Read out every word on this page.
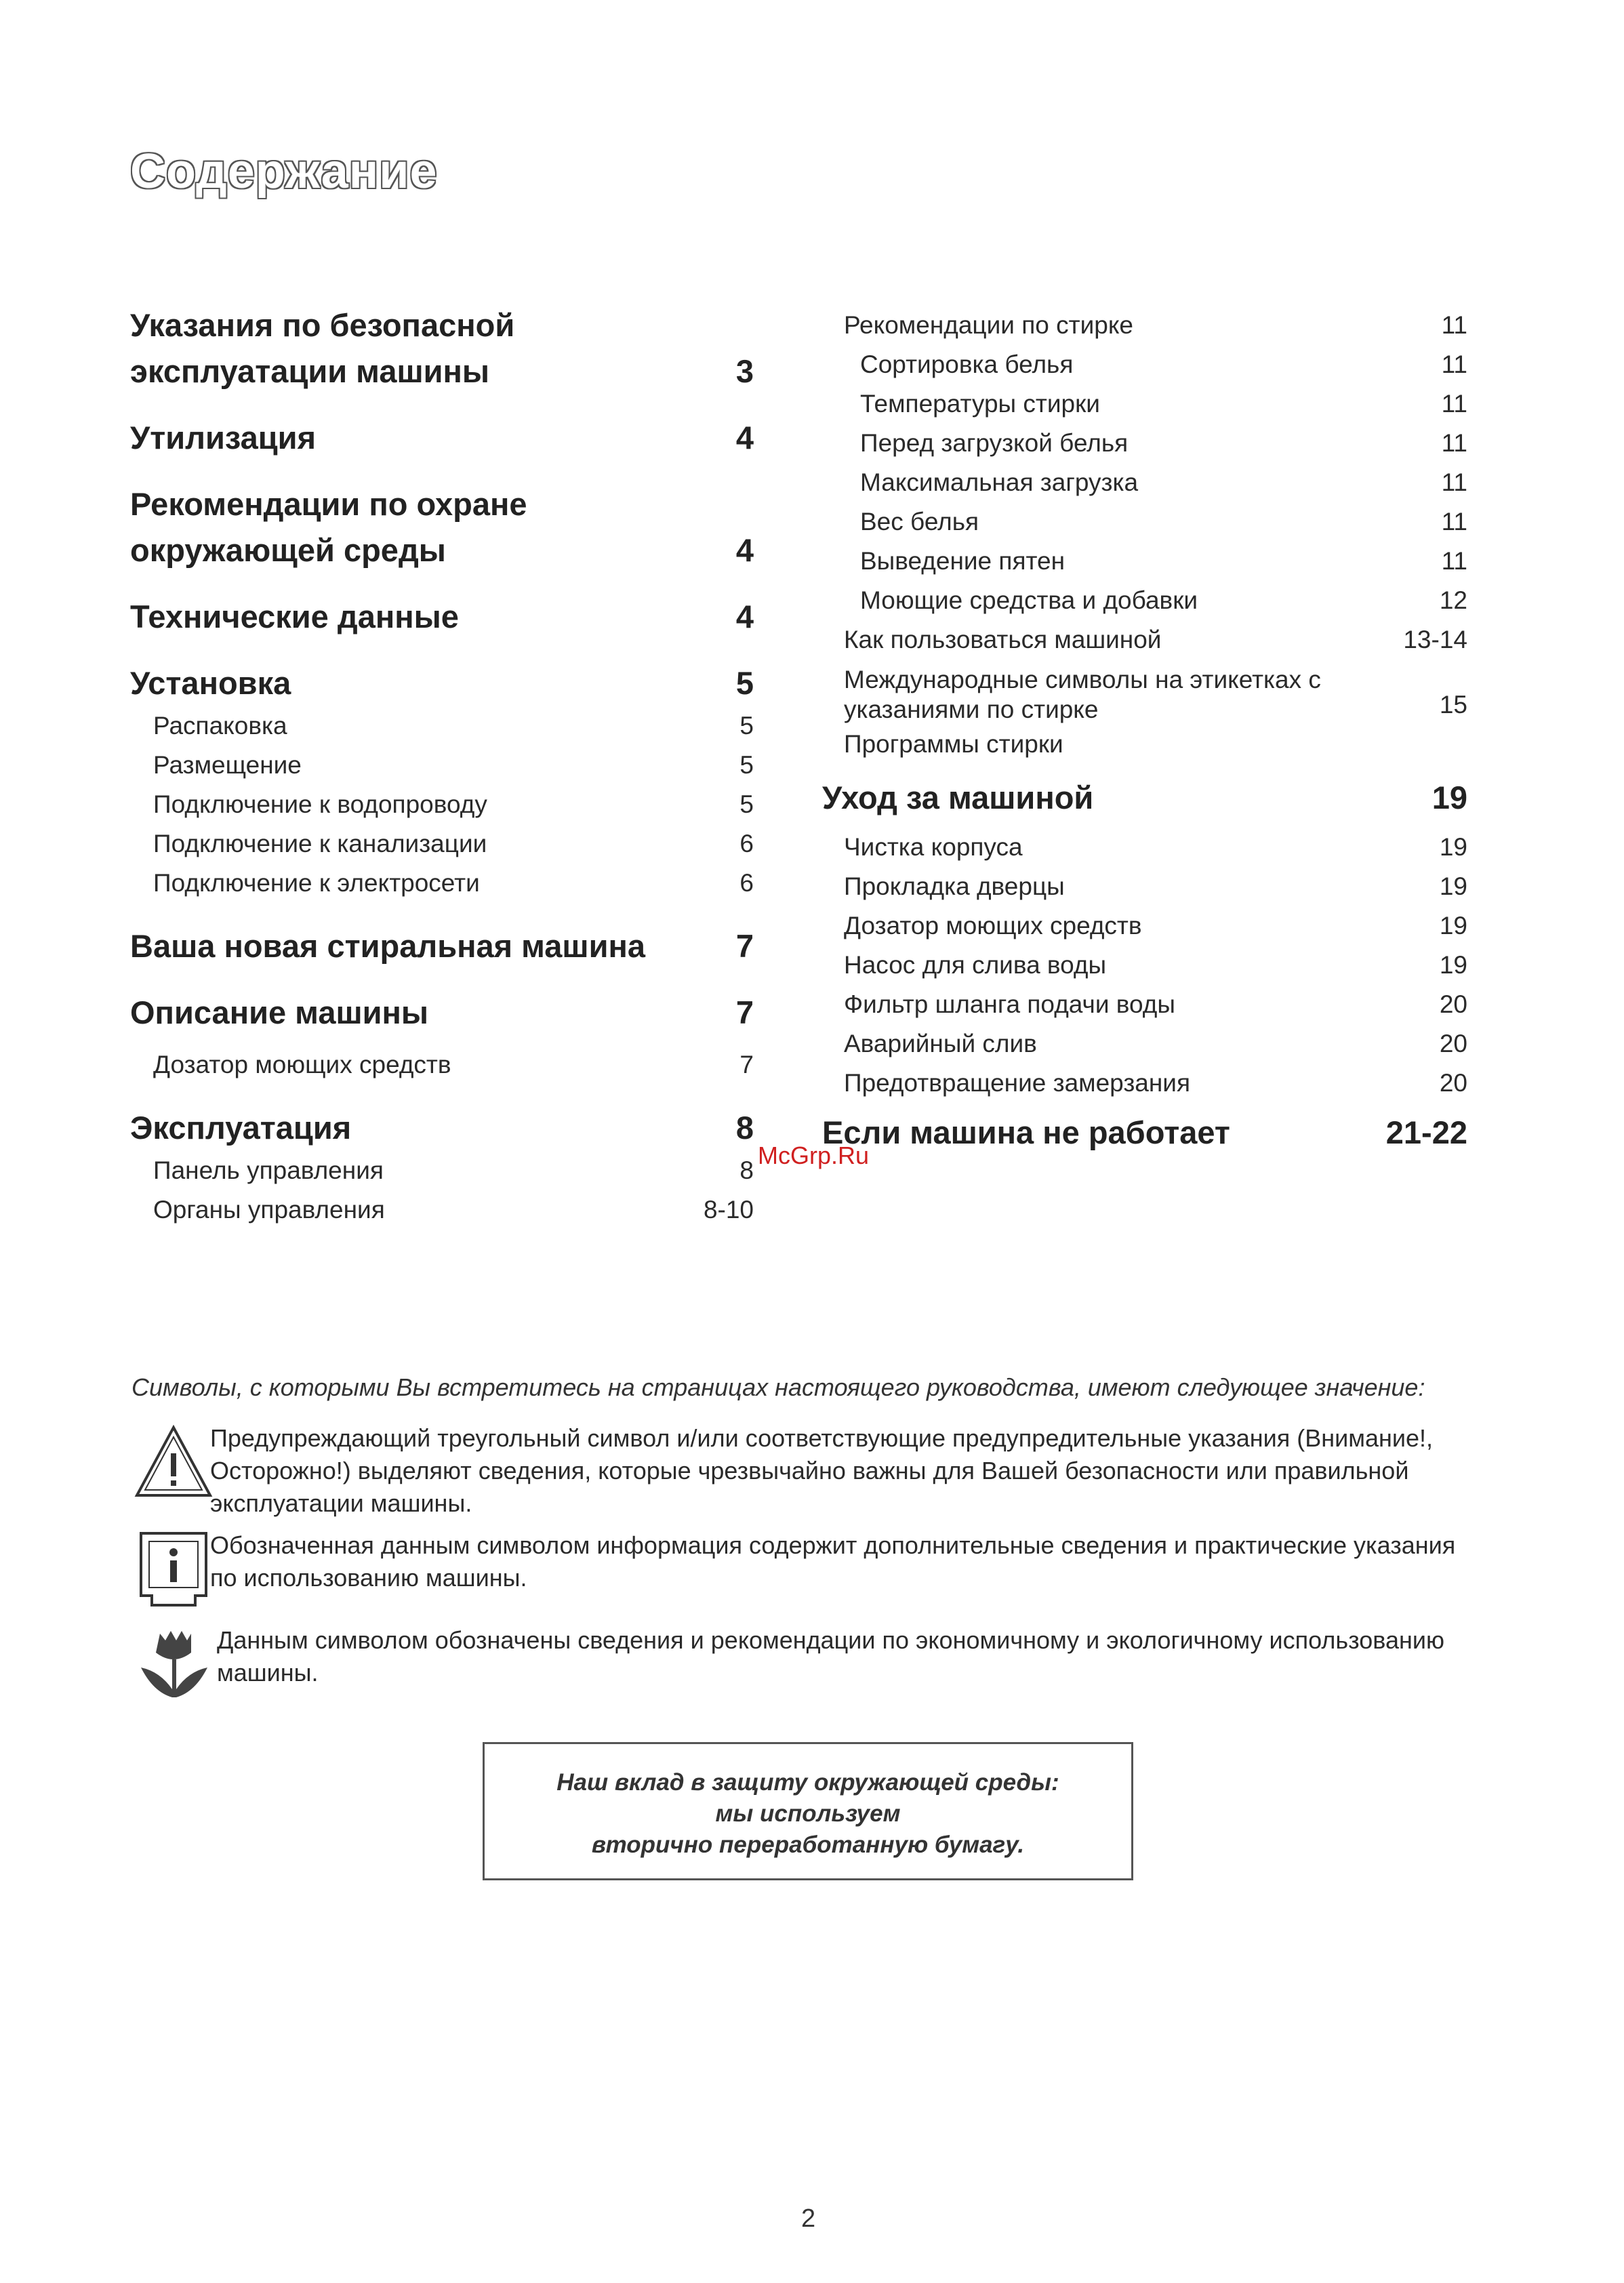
Содержание
Указания по безопасной эксплуатации машины	3
Утилизация	4
Рекомендации по охране окружающей среды	4
Технические данные	4
Установка	5
Распаковка	5
Размещение	5
Подключение к водопроводу	5
Подключение к канализации	6
Подключение к электросети	6
Ваша новая стиральная машина	7
Описание машины	7
Дозатор моющих средств	7
Эксплуатация	8
Панель управления	8
Органы управления	8-10
Рекомендации по стирке	11
Сортировка белья	11
Температуры стирки	11
Перед загрузкой белья	11
Максимальная загрузка	11
Вес белья	11
Выведение пятен	11
Моющие средства и добавки	12
Как пользоваться машиной	13-14
Международные символы на этикетках с указаниями по стирке	15
Программы стирки
Уход за машиной	19
Чистка корпуса	19
Прокладка дверцы	19
Дозатор моющих средств	19
Насос для слива воды	19
Фильтр шланга подачи воды	20
Аварийный слив	20
Предотвращение замерзания	20
Если машина не работает	21-22
McGrp.Ru
Символы, с которыми Вы встретитесь на страницах настоящего руководства, имеют следующее значение:
Предупреждающий треугольный символ и/или соответствующие предупредительные указания (Внимание!, Осторожно!) выделяют сведения, которые чрезвычайно важны для Вашей безопасности или правильной эксплуатации машины.
Обозначенная данным символом информация содержит дополнительные сведения и практические указания по использованию машины.
Данным символом обозначены сведения и рекомендации по экономичному и экологичному использованию машины.
Наш вклад в защиту окружающей среды:
мы используем
вторично переработанную бумагу.
2
